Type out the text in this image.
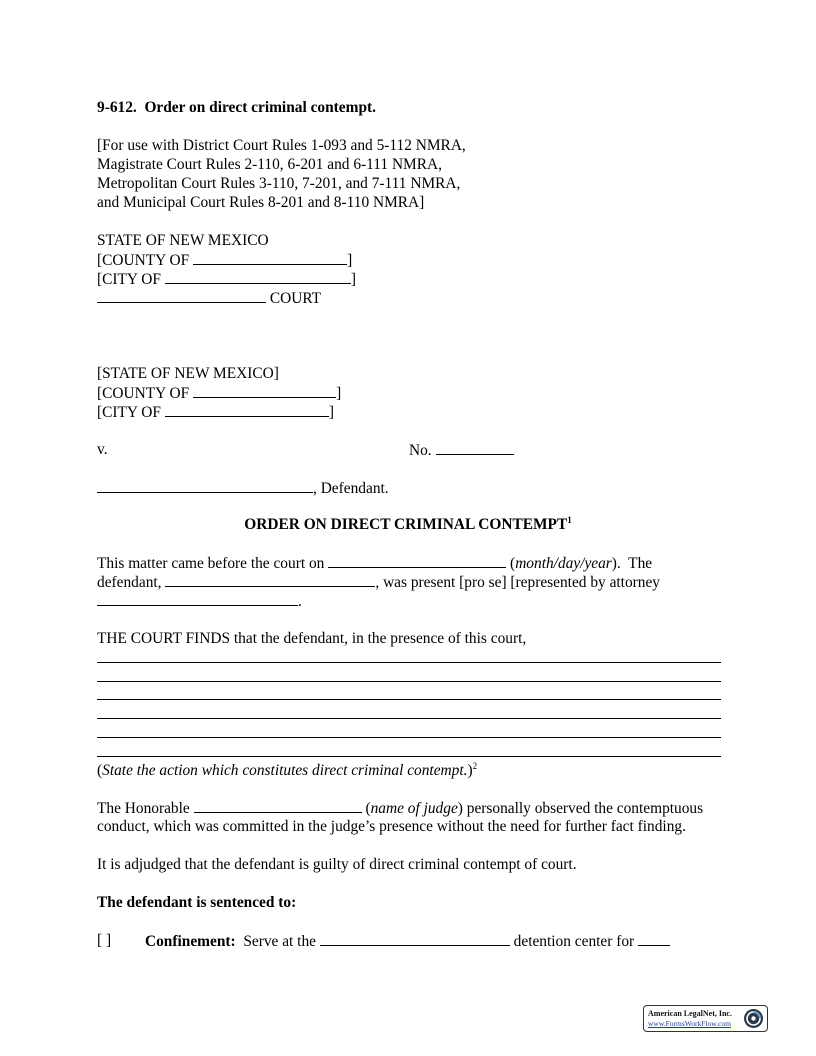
9-612.  Order on direct criminal contempt.
[For use with District Court Rules 1-093 and 5-112 NMRA,
Magistrate Court Rules 2-110, 6-201 and 6-111 NMRA,
Metropolitan Court Rules 3-110, 7-201, and 7-111 NMRA,
and Municipal Court Rules 8-201 and 8-110 NMRA]
STATE OF NEW MEXICO
[COUNTY OF	]
[CITY OF	]
COURT
[STATE OF NEW MEXICO]
[COUNTY OF	]
[CITY OF	]
v.	No.
, Defendant.
ORDER ON DIRECT CRIMINAL CONTEMPT$^1$
This matter came before the court on	(month/day/year).  The
defendant,	, was present [pro se] [represented by attorney
.
THE COURT FINDS that the defendant, in the presence of this court,
(State the action which constitutes direct criminal contempt.)$^2$
The Honorable	(name of judge) personally observed the contemptuous
conduct, which was committed in the judge’s presence without the need for further fact finding.
It is adjudged that the defendant is guilty of direct criminal contempt of court.
The defendant is sentenced to:
[ ] Confinement:  Serve at the	detention center for
American LegalNet, Inc.
www.FormsWorkFlow.com
